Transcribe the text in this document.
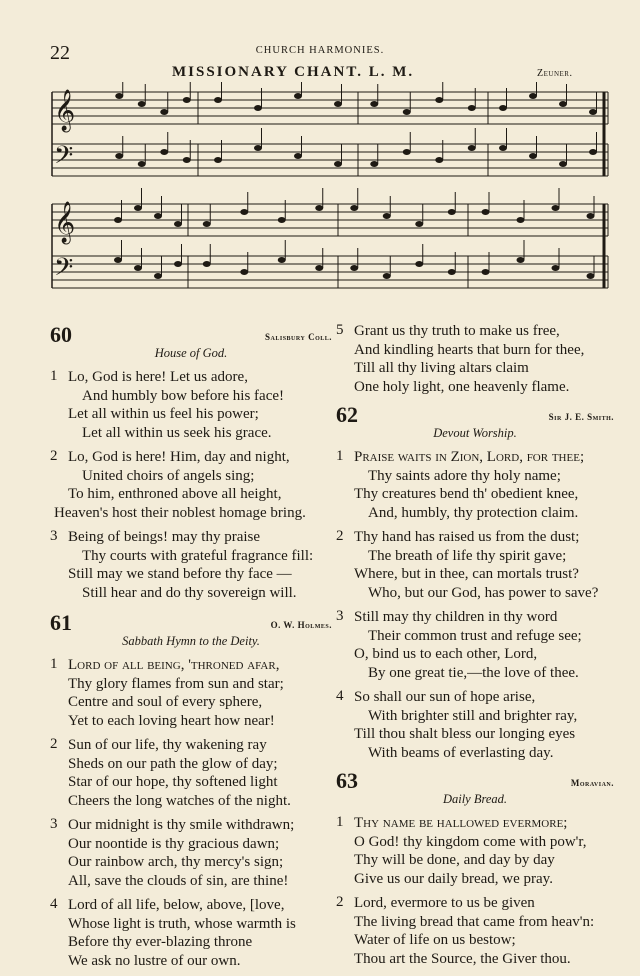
22	CHURCH HARMONIES.
MISSIONARY CHANT. L. M.	Zeuner.
𝄞
𝄢
𝄞
𝄢
60	Salisbury Coll.
House of God.
1 Lo, God is here! Let us adore,
And humbly bow before his face!
Let all within us feel his power;
Let all within us seek his grace.
2 Lo, God is here! Him, day and night,
United choirs of angels sing;
To him, enthroned above all height,
Heaven's host their noblest homage bring.
3 Being of beings! may thy praise
Thy courts with grateful fragrance fill:
Still may we stand before thy face —
Still hear and do thy sovereign will.
61	O. W. Holmes.
Sabbath Hymn to the Deity.
1 Lord of all being, 'throned afar,
Thy glory flames from sun and star;
Centre and soul of every sphere,
Yet to each loving heart how near!
2 Sun of our life, thy wakening ray
Sheds on our path the glow of day;
Star of our hope, thy softened light
Cheers the long watches of the night.
3 Our midnight is thy smile withdrawn;
Our noontide is thy gracious dawn;
Our rainbow arch, thy mercy's sign;
All, save the clouds of sin, are thine!
4 Lord of all life, below, above, [love,
Whose light is truth, whose warmth is
Before thy ever-blazing throne
We ask no lustre of our own.
5 Grant us thy truth to make us free,
And kindling hearts that burn for thee,
Till all thy living altars claim
One holy light, one heavenly flame.
62	Sir J. E. Smith.
Devout Worship.
1 Praise waits in Zion, Lord, for thee;
Thy saints adore thy holy name;
Thy creatures bend th' obedient knee,
And, humbly, thy protection claim.
2 Thy hand has raised us from the dust;
The breath of life thy spirit gave;
Where, but in thee, can mortals trust?
Who, but our God, has power to save?
3 Still may thy children in thy word
Their common trust and refuge see;
O, bind us to each other, Lord,
By one great tie,—the love of thee.
4 So shall our sun of hope arise,
With brighter still and brighter ray,
Till thou shalt bless our longing eyes
With beams of everlasting day.
63	Moravian.
Daily Bread.
1 Thy name be hallowed evermore;
O God! thy kingdom come with pow'r,
Thy will be done, and day by day
Give us our daily bread, we pray.
2 Lord, evermore to us be given
The living bread that came from heav'n:
Water of life on us bestow;
Thou art the Source, the Giver thou.
